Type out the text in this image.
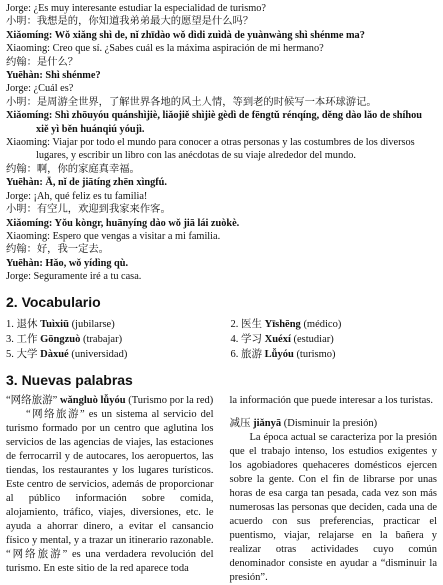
Jorge: ¿Es muy interesante estudiar la especialidad de turismo?

小明：我想是的，你知道我弟弟最大的愿望是什么吗？

Xiǎomíng: Wǒ xiǎng shì de, nǐ zhīdào wǒ dìdi zuìdà de yuànwàng shì shénme ma?

Xiaoming: Creo que sí. ¿Sabes cuál es la máxima aspiración de mi hermano?

约翰：是什么？

Yuēhàn: Shì shénme?

Jorge: ¿Cuál es?

小明：是周游全世界，了解世界各地的风土人情，等到老的时候写一本环球游记。

Xiǎomíng: Shì zhōuyóu quánshìjiè, liǎojiě shìjiè gèdì de fēngtǔ rénqíng, děng dào lǎo de shíhou xiě yì běn huánqiú yóujì.

Xiaoming: Viajar por todo el mundo para conocer a otras personas y las costumbres de los diversos lugares, y escribir un libro con las anécdotas de su viaje alrededor del mundo.

约翰：啊，你的家庭真幸福。

Yuēhàn: Ā, nǐ de jiātíng zhēn xìngfú.

Jorge: ¡Ah, qué feliz es tu familia!

小明：有空儿，欢迎到我家来作客。

Xiǎomíng: Yǒu kòngr, huānyíng dào wǒ jiā lái zuòkè.

Xiaoming: Espero que vengas a visitar a mi familia.

约翰：好，我一定去。

Yuēhàn: Hǎo, wǒ yídìng qù.

Jorge: Seguramente iré a tu casa.

2. Vocabulario
1. 退休 Tuìxiū (jubilarse)	2. 医生 Yīshēng (médico)
3. 工作 Gōngzuò (trabajar)	4. 学习 Xuéxí (estudiar)
5. 大学 Dàxué (universidad)	6. 旅游 Lǚyóu (turismo)
3. Nuevas palabras

“网络旅游” wǎngluò lǚyóu (Turismo por la red)

“网络旅游” es un sistema al servicio del turismo formado por un centro que aglutina los servicios de las agencias de viajes, las estaciones de ferrocarril y de autocares, los aeropuertos, las tiendas, los restaurantes y los lugares turísticos. Este centro de servicios, además de proporcionar al público información sobre comida, alojamiento, tráfico, viajes, diversiones, etc. le ayuda a ahorrar dinero, a evitar el cansancio físico y mental, y a trazar un itinerario razonable. “网络旅游” es una verdadera revolución del turismo. En este sitio de la red aparece toda

la información que puede interesar a los turistas.

减压 jiǎnyā (Disminuir la presión)

La época actual se caracteriza por la presión que el trabajo intenso, los estudios exigentes y los agobiadores quehaceres domésticos ejercen sobre la gente. Con el fin de librarse por unas horas de esa carga tan pesada, cada vez son más numerosas las personas que deciden, cada una de acuerdo con sus preferencias, practicar el puentismo, viajar, relajarse en la bañera y realizar otras actividades cuyo común denominador consiste en ayudar a “disminuir la presión”.
